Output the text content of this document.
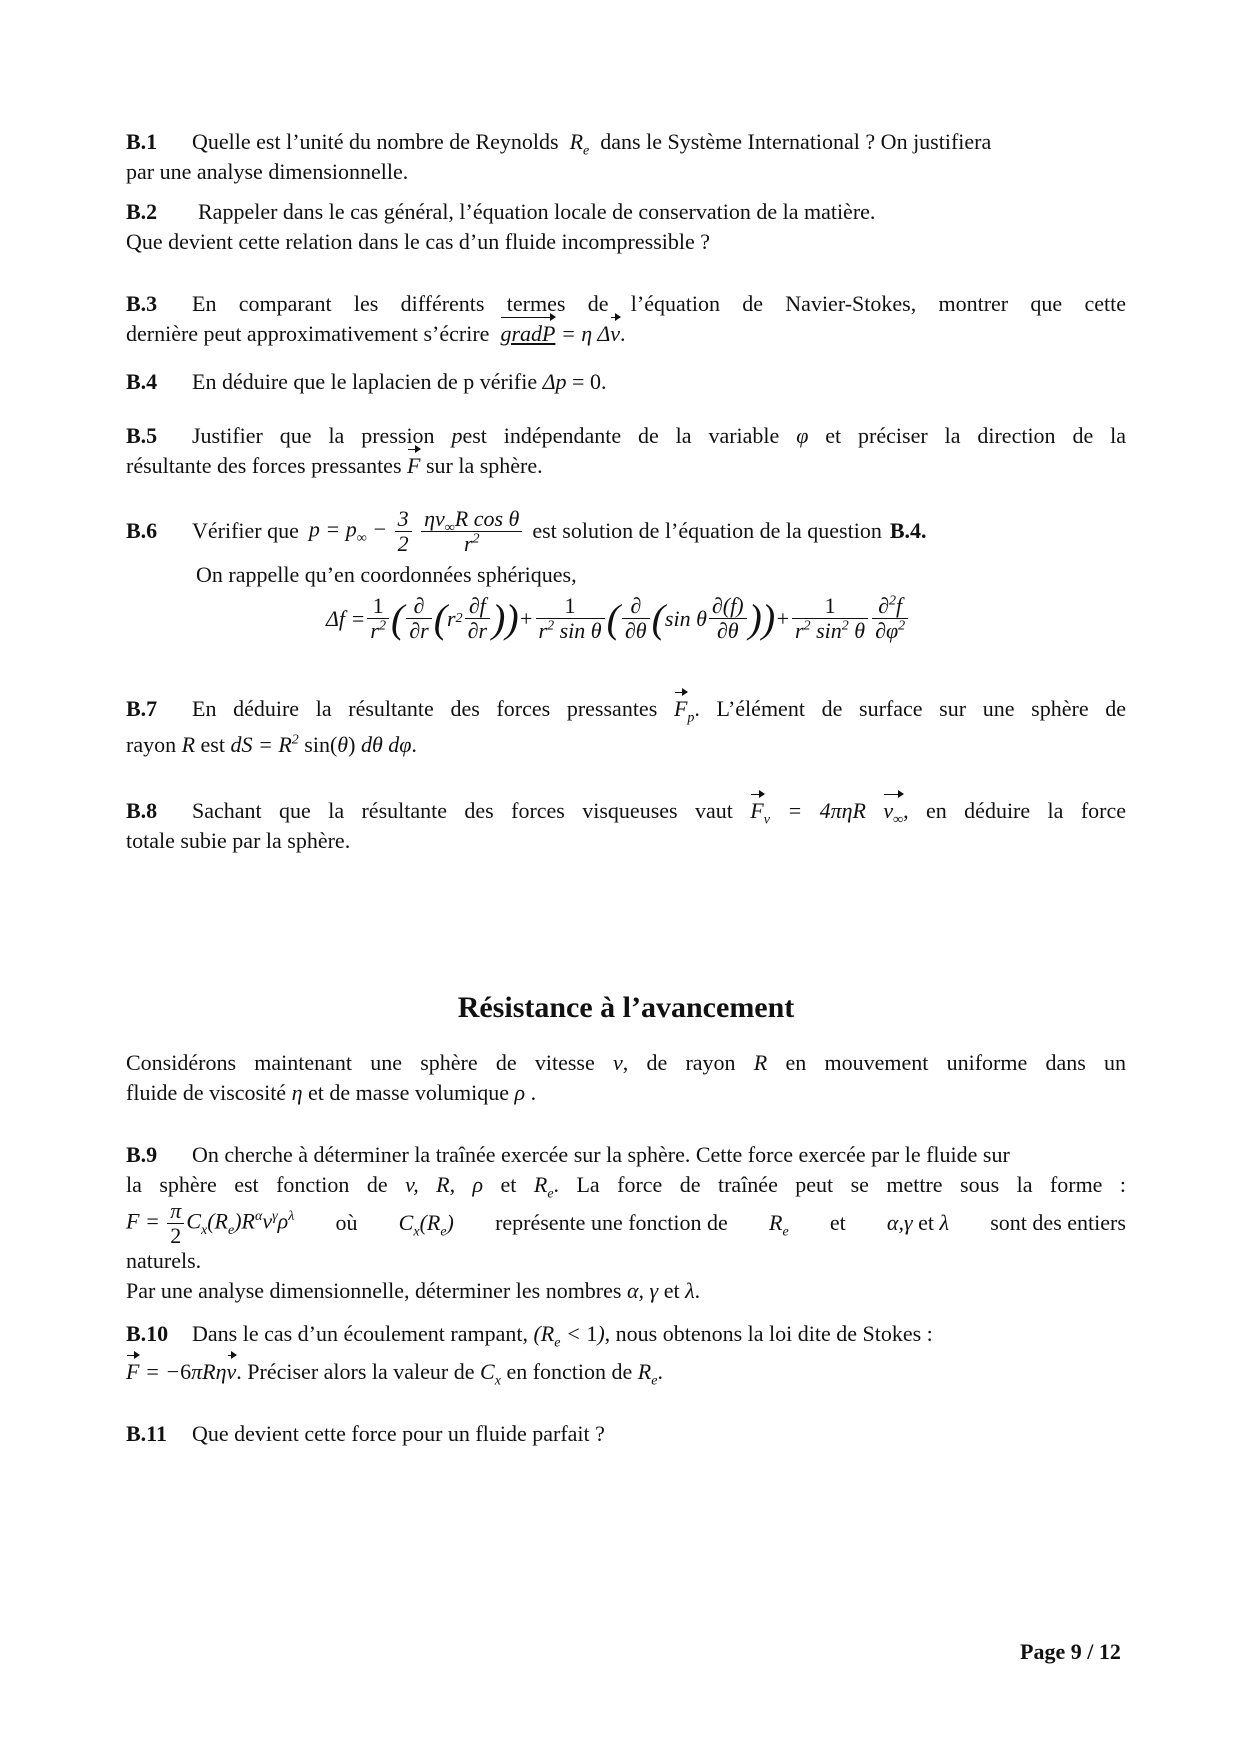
B.1 Quelle est l’unité du nombre de Reynolds  $R_e$ dans le Système International ? On justifiera
par une analyse dimensionnelle.
B.2 Rappeler dans le cas général, l’équation locale de conservation de la matière.
Que devient cette relation dans le cas d’un fluide incompressible ?
B.3 En comparant les différents termes de l’équation de Navier-Stokes, montrer que cette
dernière peut approximativement s’écrire gradP = η Δv.
B.4 En déduire que le laplacien de p vérifie Δp = 0.
B.5 Justifier que la pression pest indépendante de la variable φ et préciser la direction de la
résultante des forces pressantes F sur la sphère.
B.6	Vérifier que $p = p_\infty - \frac{3}{2}$
$\frac{\eta v_\infty R \cos \theta}{r^2}$ est solution de l’équation de la question B.4.
On rappelle qu’en coordonnées sphériques,
$\Delta f = \frac{1}{r^2}$ ( $\frac{\partial}{\partial r}$ ( r $2 \frac{\partial f}{\partial r}$ )) + $\frac{1}{r^2 \sin \theta}$ ( $\frac{\partial}{\partial\theta}$ ( sin θ $\frac{\partial(f)}{\partial\theta}$ )) + $\frac{1}{r^2 \sin^2 \theta} \frac{\partial^2f}{\partial\varphi^2}$
B.7 En déduire la résultante des forces pressantes $F_p$. L’élément de surface sur une sphère de
rayon R est dS = $R^2$ sin(θ) dθ dφ.
B.8 Sachant que la résultante des forces visqueuses vaut $F_v = 4\pi\eta R$ $v_\infty$, en déduire la force
totale subie par la sphère.
Résistance à l’avancement
Considérons maintenant une sphère de vitesse v, de rayon R en mouvement uniforme dans un
fluide de viscosité η et de masse volumique ρ .
B.9 On cherche à déterminer la traînée exercée sur la sphère. Cette force exercée par le fluide sur
la sphère est fonction de v, R, ρ et $R_e$. La force de traînée peut se mettre sous la forme :
$F = \frac{\pi}{2} C_x(R_e)R^\alpha v^\gamma\rho^\lambda$ où $C_x(R_e)$ représente une fonction de $R_e$ et α,γ et λ sont des entiers
naturels.
Par une analyse dimensionnelle, déterminer les nombres α, γ et λ.
B.10 Dans le cas d’un écoulement rampant, $(R_e < 1)$, nous obtenons la loi dite de Stokes :
F = −6πRηv. Préciser alors la valeur de $C_x$ en fonction de $R_e$.
B.11 Que devient cette force pour un fluide parfait ?
Page 9 / 12
